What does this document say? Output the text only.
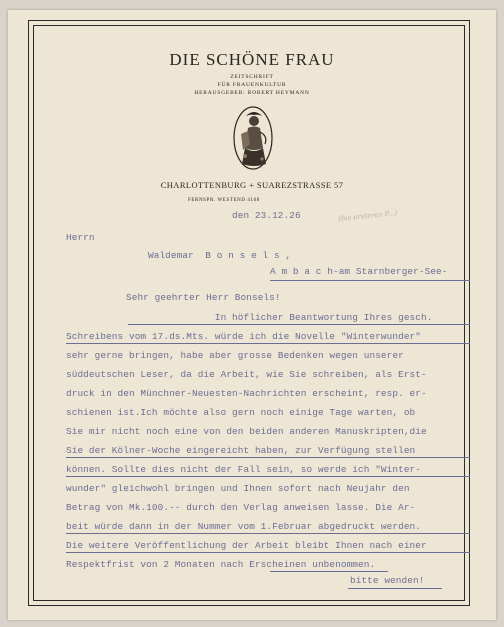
DIE SCHÖNE FRAU
ZEITSCHRIFT
FÜR FRAUENKULTUR
HERAUSGEBER: ROBERT HEYMANN
CHARLOTTENBURG + SUAREZSTRASSE 57
FERNSPR. WESTEND 4168
(bis ersteres P...)
den 23.12.26
Herrn
Waldemar  B o n s e l s ,
A m b a c h-am Starnberger-See-
Sehr geehrter Herr Bonsels!
In höflicher Beantwortung Ihres gesch.
Schreibens vom 17.ds.Mts. würde ich die Novelle "Winterwunder"
sehr gerne bringen, habe aber grosse Bedenken wegen unserer
süddeutschen Leser, da die Arbeit, wie Sie schreiben, als Erst-
druck in den Münchner-Neuesten-Nachrichten erscheint, resp. er-
schienen ist.Ich möchte also gern noch einige Tage warten, ob
Sie mir nicht noch eine von den beiden anderen Manuskripten,die
Sie der Kölner-Woche eingereicht haben, zur Verfügung stellen
können. Sollte dies nicht der Fall sein, so werde ich "Winter-
wunder" gleichwohl bringen und Ihnen sofort nach Neujahr den
Betrag von Mk.100.-- durch den Verlag anweisen lasse. Die Ar-
beit würde dann in der Nummer vom 1.Februar abgedruckt werden.
Die weitere Veröffentlichung der Arbeit bleibt Ihnen nach einer
Respektfrist von 2 Monaten nach Erscheinen unbenommen.
bitte wenden!
